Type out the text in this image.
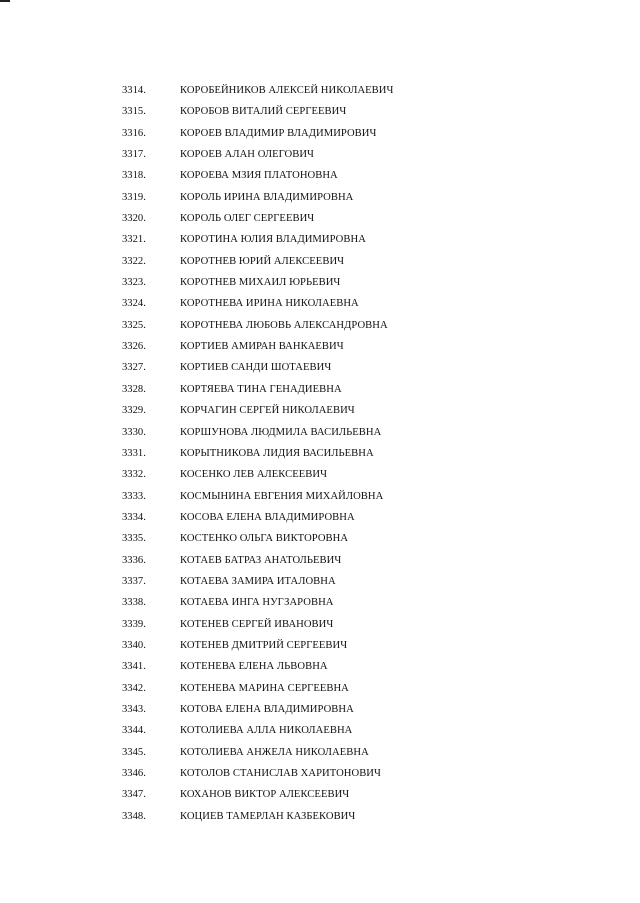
3314.	КОРОБЕЙНИКОВ АЛЕКСЕЙ НИКОЛАЕВИЧ
3315.	КОРОБОВ ВИТАЛИЙ СЕРГЕЕВИЧ
3316.	КОРОЕВ ВЛАДИМИР ВЛАДИМИРОВИЧ
3317.	КОРОЕВ АЛАН ОЛЕГОВИЧ
3318.	КОРОЕВА МЗИЯ ПЛАТОНОВНА
3319.	КОРОЛЬ ИРИНА ВЛАДИМИРОВНА
3320.	КОРОЛЬ ОЛЕГ СЕРГЕЕВИЧ
3321.	КОРОТИНА ЮЛИЯ ВЛАДИМИРОВНА
3322.	КОРОТНЕВ ЮРИЙ АЛЕКСЕЕВИЧ
3323.	КОРОТНЕВ МИХАИЛ ЮРЬЕВИЧ
3324.	КОРОТНЕВА ИРИНА НИКОЛАЕВНА
3325.	КОРОТНЕВА ЛЮБОВЬ АЛЕКСАНДРОВНА
3326.	КОРТИЕВ АМИРАН ВАНКАЕВИЧ
3327.	КОРТИЕВ САНДИ ШОТАЕВИЧ
3328.	КОРТЯЕВА ТИНА ГЕНАДИЕВНА
3329.	КОРЧАГИН СЕРГЕЙ НИКОЛАЕВИЧ
3330.	КОРШУНОВА ЛЮДМИЛА ВАСИЛЬЕВНА
3331.	КОРЫТНИКОВА ЛИДИЯ ВАСИЛЬЕВНА
3332.	КОСЕНКО ЛЕВ АЛЕКСЕЕВИЧ
3333.	КОСМЫНИНА ЕВГЕНИЯ МИХАЙЛОВНА
3334.	КОСОВА ЕЛЕНА ВЛАДИМИРОВНА
3335.	КОСТЕНКО ОЛЬГА ВИКТОРОВНА
3336.	КОТАЕВ БАТРАЗ АНАТОЛЬЕВИЧ
3337.	КОТАЕВА ЗАМИРА ИТАЛОВНА
3338.	КОТАЕВА ИНГА НУГЗАРОВНА
3339.	КОТЕНЕВ СЕРГЕЙ ИВАНОВИЧ
3340.	КОТЕНЕВ ДМИТРИЙ СЕРГЕЕВИЧ
3341.	КОТЕНЕВА ЕЛЕНА ЛЬВОВНА
3342.	КОТЕНЕВА МАРИНА СЕРГЕЕВНА
3343.	КОТОВА ЕЛЕНА ВЛАДИМИРОВНА
3344.	КОТОЛИЕВА АЛЛА НИКОЛАЕВНА
3345.	КОТОЛИЕВА АНЖЕЛА НИКОЛАЕВНА
3346.	КОТОЛОВ СТАНИСЛАВ ХАРИТОНОВИЧ
3347.	КОХАНОВ ВИКТОР АЛЕКСЕЕВИЧ
3348.	КОЦИЕВ ТАМЕРЛАН КАЗБЕКОВИЧ
